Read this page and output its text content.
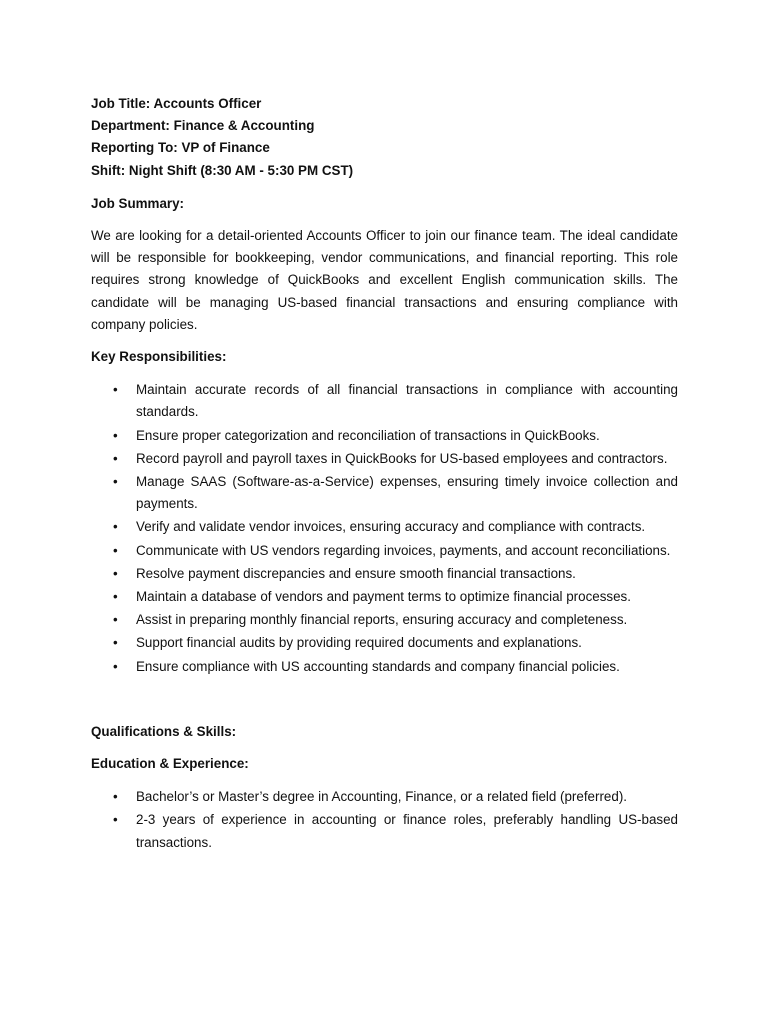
Job Title: Accounts Officer

Department: Finance & Accounting

Reporting To: VP of Finance

Shift: Night Shift (8:30 AM - 5:30 PM CST)

Job Summary:

We are looking for a detail-oriented Accounts Officer to join our finance team. The ideal candidate will be responsible for bookkeeping, vendor communications, and financial reporting. This role requires strong knowledge of QuickBooks and excellent English communication skills. The candidate will be managing US-based financial transactions and ensuring compliance with company policies.

Key Responsibilities:

• Maintain accurate records of all financial transactions in compliance with accounting standards.
• Ensure proper categorization and reconciliation of transactions in QuickBooks.
• Record payroll and payroll taxes in QuickBooks for US-based employees and contractors.
• Manage SAAS (Software-as-a-Service) expenses, ensuring timely invoice collection and payments.
• Verify and validate vendor invoices, ensuring accuracy and compliance with contracts.
• Communicate with US vendors regarding invoices, payments, and account reconciliations.
• Resolve payment discrepancies and ensure smooth financial transactions.
• Maintain a database of vendors and payment terms to optimize financial processes.
• Assist in preparing monthly financial reports, ensuring accuracy and completeness.
• Support financial audits by providing required documents and explanations.
• Ensure compliance with US accounting standards and company financial policies.

Qualifications & Skills:

Education & Experience:

• Bachelor’s or Master’s degree in Accounting, Finance, or a related field (preferred).
• 2-3 years of experience in accounting or finance roles, preferably handling US-based transactions.
